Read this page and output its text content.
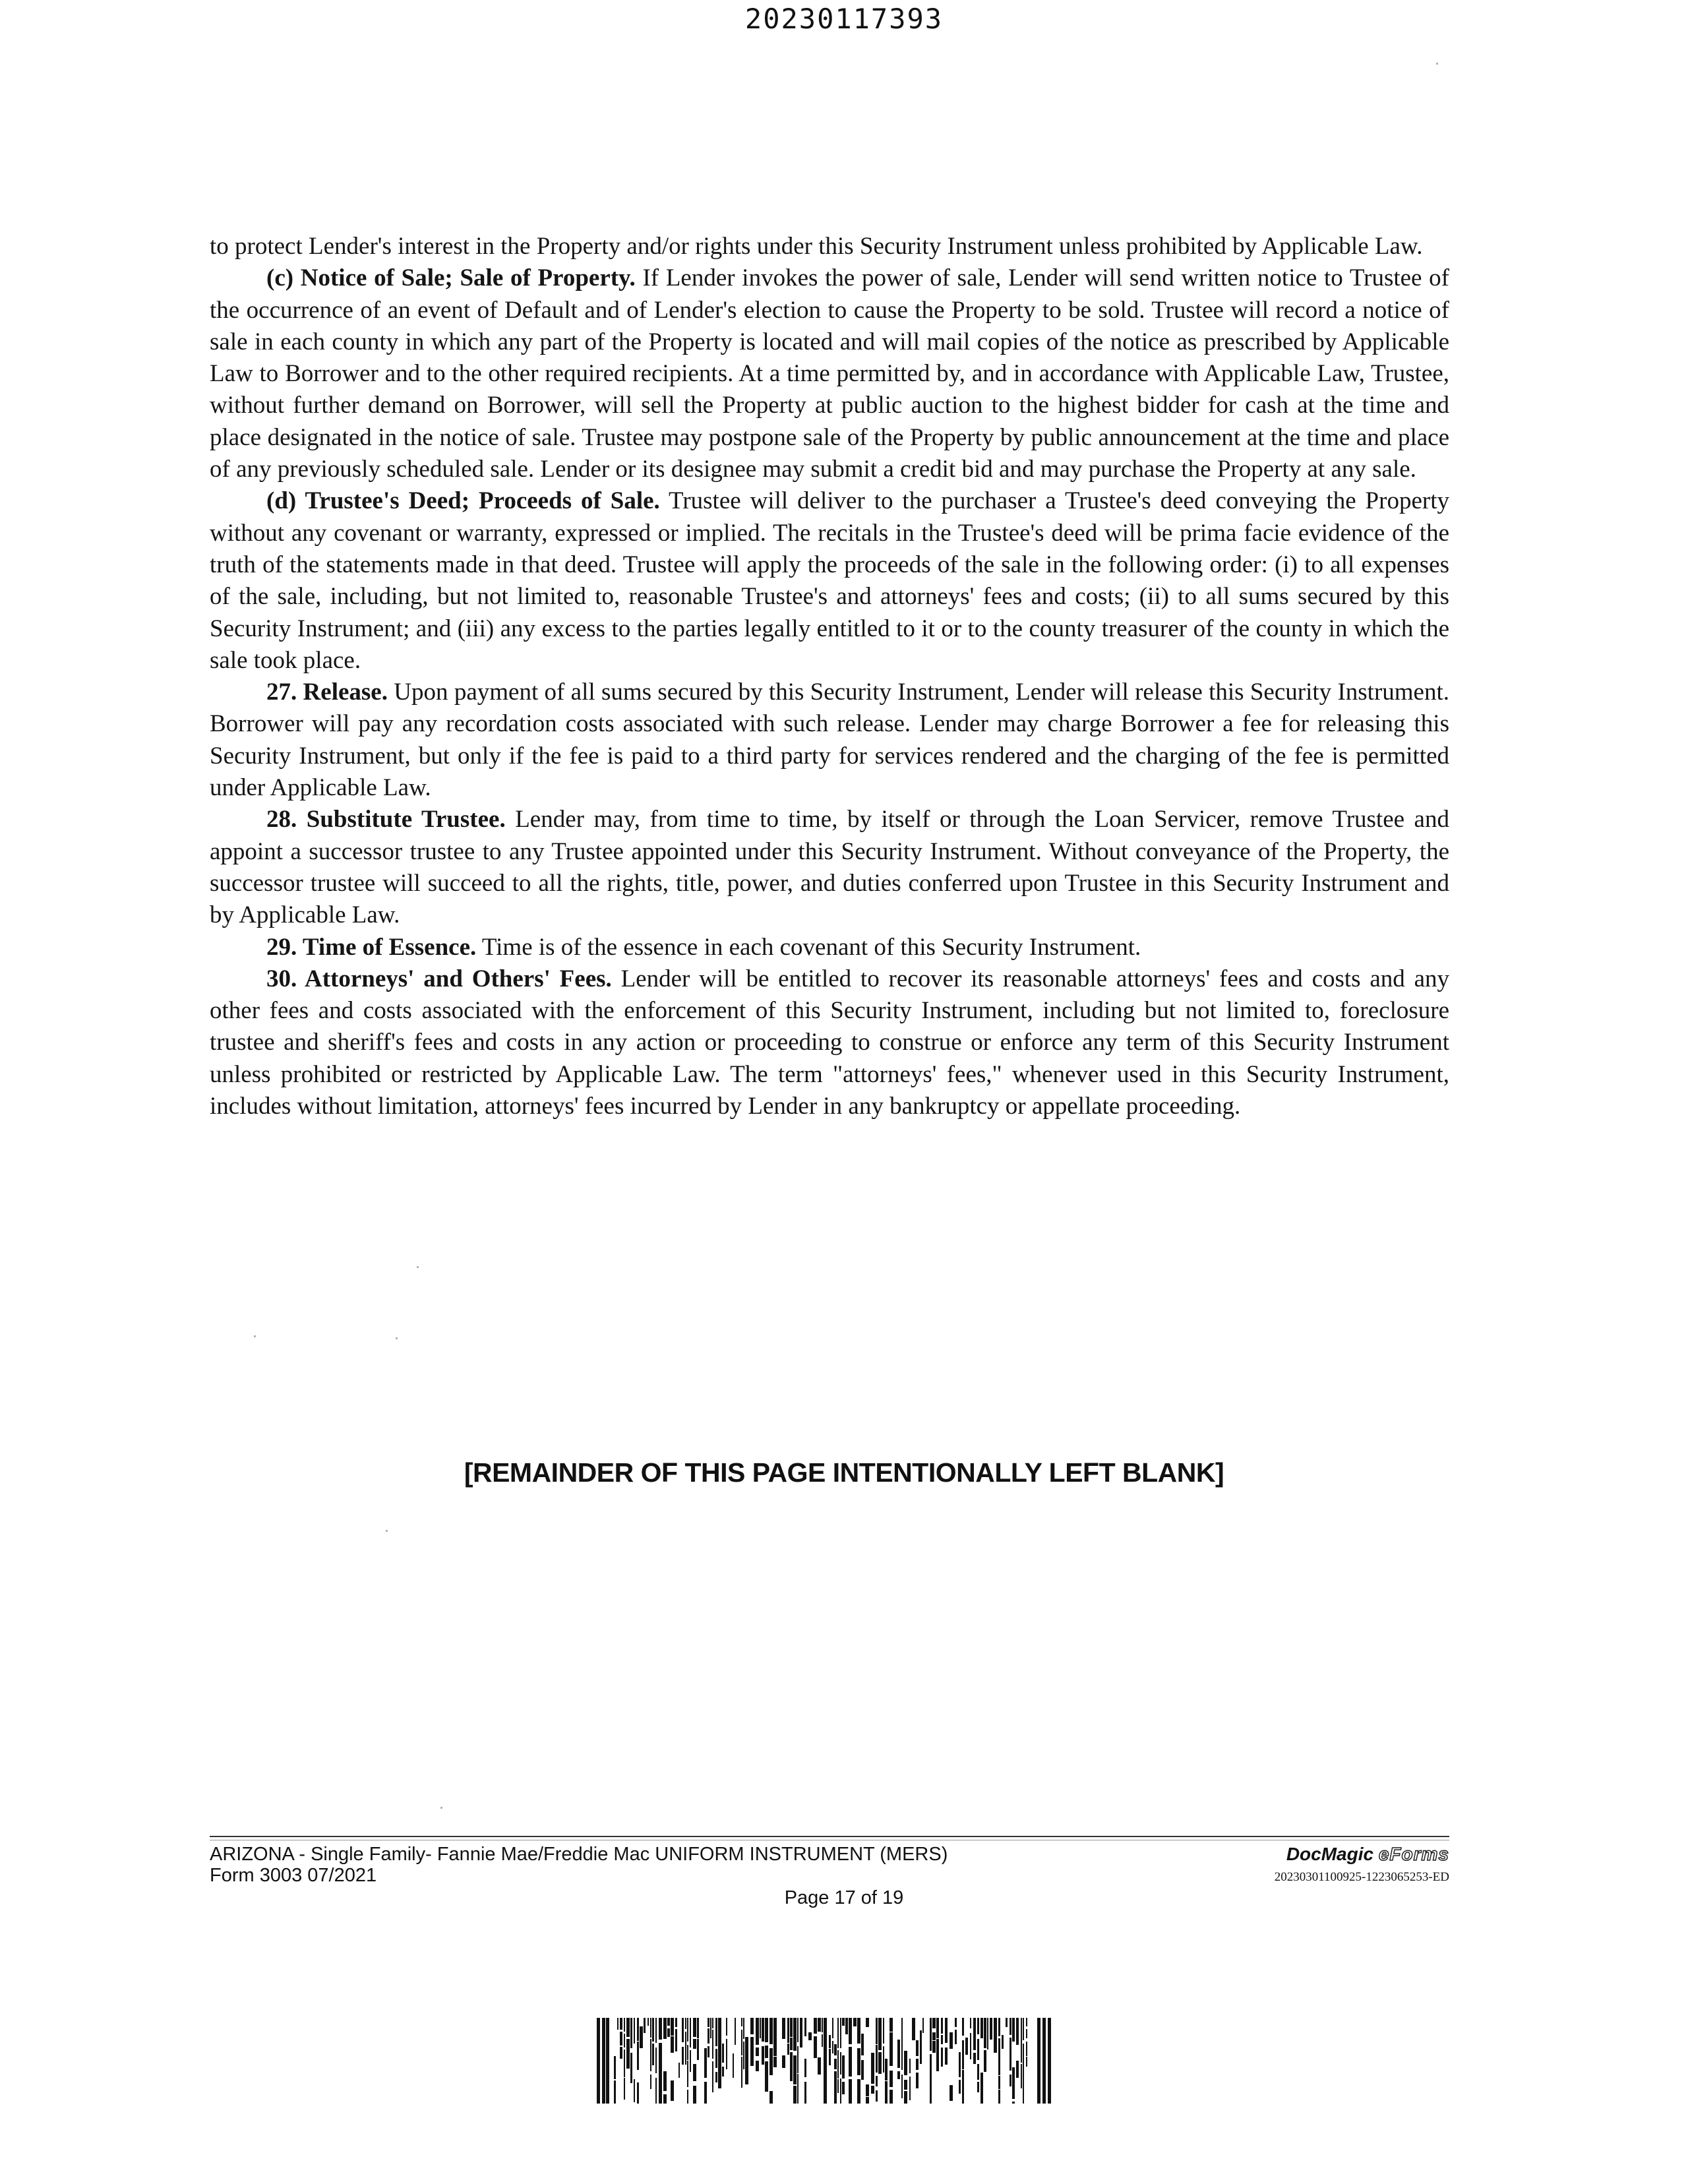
20230117393

to protect Lender's interest in the Property and/or rights under this Security Instrument unless prohibited by Applicable Law.

(c) Notice of Sale; Sale of Property. If Lender invokes the power of sale, Lender will send written notice to Trustee of the occurrence of an event of Default and of Lender's election to cause the Property to be sold. Trustee will record a notice of sale in each county in which any part of the Property is located and will mail copies of the notice as prescribed by Applicable Law to Borrower and to the other required recipients. At a time permitted by, and in accordance with Applicable Law, Trustee, without further demand on Borrower, will sell the Property at public auction to the highest bidder for cash at the time and place designated in the notice of sale. Trustee may postpone sale of the Property by public announcement at the time and place of any previously scheduled sale. Lender or its designee may submit a credit bid and may purchase the Property at any sale.

(d) Trustee's Deed; Proceeds of Sale. Trustee will deliver to the purchaser a Trustee's deed conveying the Property without any covenant or warranty, expressed or implied. The recitals in the Trustee's deed will be prima facie evidence of the truth of the statements made in that deed. Trustee will apply the proceeds of the sale in the following order: (i) to all expenses of the sale, including, but not limited to, reasonable Trustee's and attorneys' fees and costs; (ii) to all sums secured by this Security Instrument; and (iii) any excess to the parties legally entitled to it or to the county treasurer of the county in which the sale took place.

27. Release. Upon payment of all sums secured by this Security Instrument, Lender will release this Security Instrument. Borrower will pay any recordation costs associated with such release. Lender may charge Borrower a fee for releasing this Security Instrument, but only if the fee is paid to a third party for services rendered and the charging of the fee is permitted under Applicable Law.

28. Substitute Trustee. Lender may, from time to time, by itself or through the Loan Servicer, remove Trustee and appoint a successor trustee to any Trustee appointed under this Security Instrument. Without conveyance of the Property, the successor trustee will succeed to all the rights, title, power, and duties conferred upon Trustee in this Security Instrument and by Applicable Law.

29. Time of Essence. Time is of the essence in each covenant of this Security Instrument.

30. Attorneys' and Others' Fees. Lender will be entitled to recover its reasonable attorneys' fees and costs and any other fees and costs associated with the enforcement of this Security Instrument, including but not limited to, foreclosure trustee and sheriff's fees and costs in any action or proceeding to construe or enforce any term of this Security Instrument unless prohibited or restricted by Applicable Law. The term "attorneys' fees," whenever used in this Security Instrument, includes without limitation, attorneys' fees incurred by Lender in any bankruptcy or appellate proceeding.

[REMAINDER OF THIS PAGE INTENTIONALLY LEFT BLANK]
ARIZONA - Single Family- Fannie Mae/Freddie Mac UNIFORM INSTRUMENT (MERS)
Form 3003 07/2021
Page 17 of 19
DocMagic eForms
20230301100925-1223065253-ED
